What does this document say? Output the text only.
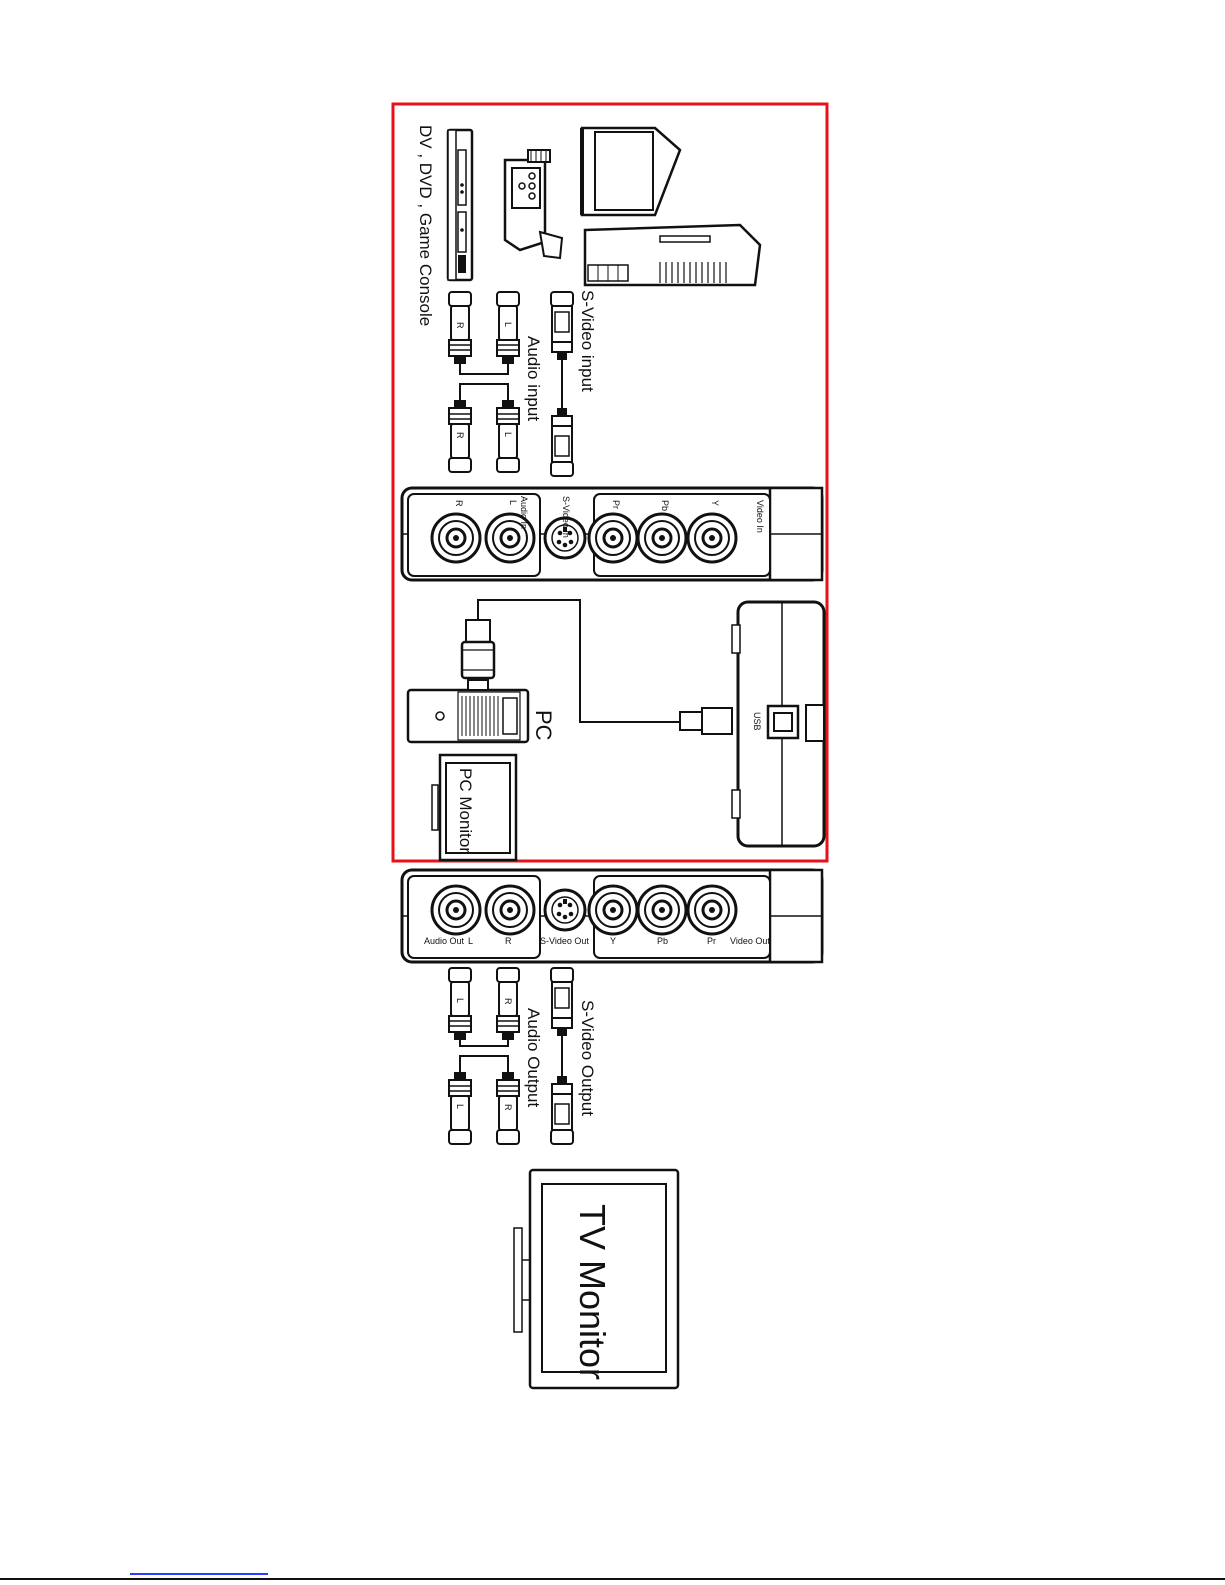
DV , DVD , Game Console
S-Video input
L
R
L
R
Audio input
Video In
Y
Pb
Pr
S-Video In
Audio In
L
R
PC
PC Monitor
USB
Audio Out L	R	S-Video Out Y	Pb	Pr Video Out
S-Video Output
R
L
R
L	Audio Output
TV Monitor
